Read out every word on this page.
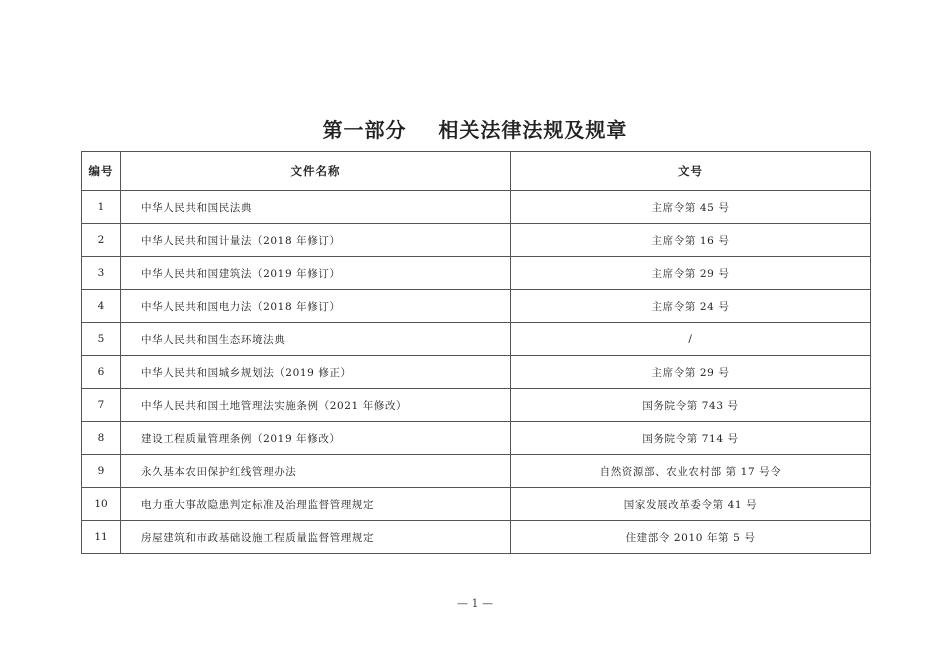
第一部分    相关法律法规及规章
编号	文件名称	文号
1	中华人民共和国民法典	主席令第 45 号
2	中华人民共和国计量法（2018 年修订）	主席令第 16 号
3	中华人民共和国建筑法（2019 年修订）	主席令第 29 号
4	中华人民共和国电力法（2018 年修订）	主席令第 24 号
5	中华人民共和国生态环境法典	/
6	中华人民共和国城乡规划法（2019 修正）	主席令第 29 号
7	中华人民共和国土地管理法实施条例（2021 年修改）	国务院令第 743 号
8	建设工程质量管理条例（2019 年修改）	国务院令第 714 号
9	永久基本农田保护红线管理办法	自然资源部、农业农村部 第 17 号令
10	电力重大事故隐患判定标准及治理监督管理规定	国家发展改革委令第 41 号
11	房屋建筑和市政基础设施工程质量监督管理规定	住建部令 2010 年第 5 号
— 1 —
